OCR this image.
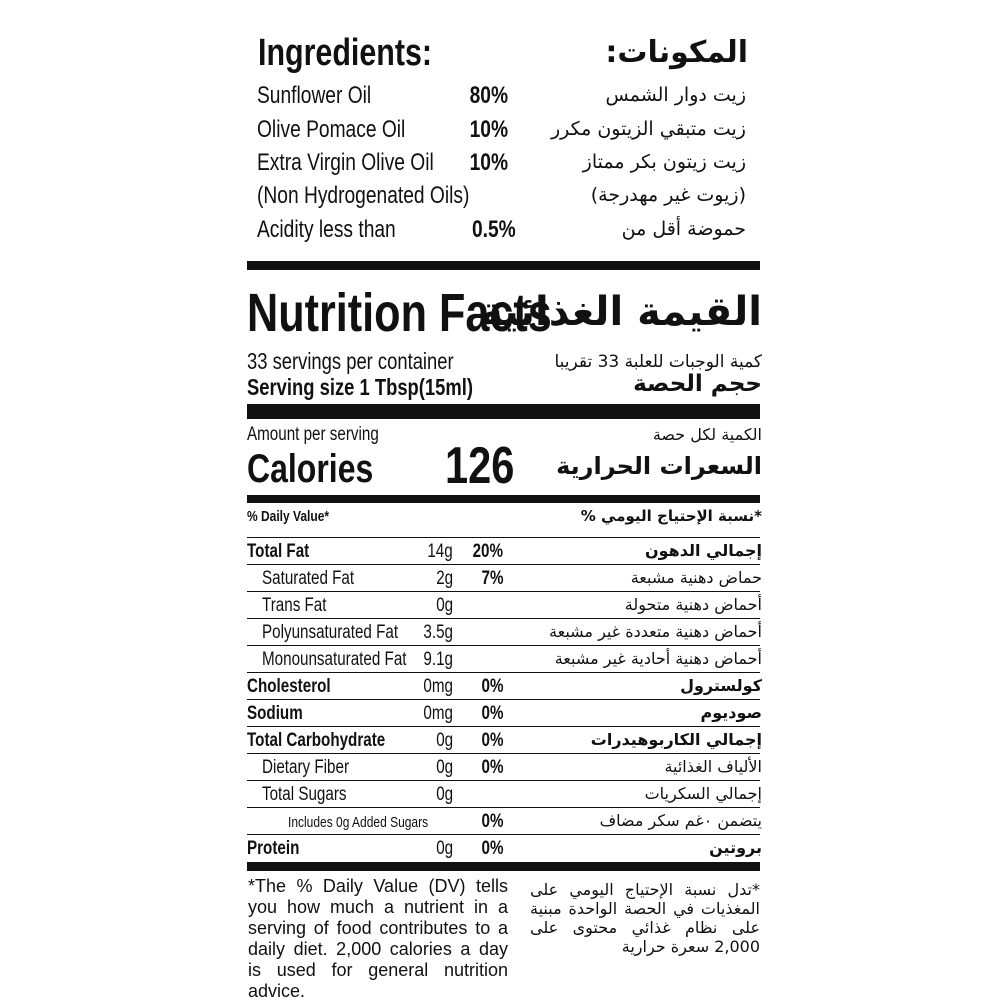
Ingredients:	المكونات:
Sunflower Oil	80%	زيت دوار الشمس
Olive Pomace Oil	10% زيت متبقي الزيتون مكرر
Extra Virgin Olive Oil	10%	زيت زيتون بكر ممتاز
(Non Hydrogenated Oils)	(زيوت غير مهدرجة)
Acidity less than	0.5%	حموضة أقل من
Nutrition Facts
القيمة الغذائية
33 servings per container	كمية الوجبات للعلبة 33 تقريبا
Serving size 1 Tbsp(15ml)	حجم الحصة
Amount per serving	الكمية لكل حصة
Calories	126	السعرات الحرارية
% Daily Value*	*نسبة الإحتياج اليومي %
Total Fat	14g	20%	إجمالي الدهون
Saturated Fat	2g 7%	حماض دهنية مشبعة
Trans Fat	0g	أحماض دهنية متحولة
Polyunsaturated Fat	3.5g	أحماض دهنية متعددة غير مشبعة
Monounsaturated Fat 9.1g	أحماض دهنية أحادية غير مشبعة
Cholesterol	0mg 0%	كولسترول
Sodium	0mg 0%	صوديوم
Total Carbohydrate	0g 0%	إجمالي الكاربوهيدرات
Dietary Fiber	0g 0%	الألياف الغذائية
Total Sugars	0g	إجمالي السكريات
Includes 0g Added Sugars	0%	يتضمن ٠غم سكر مضاف
Protein	0g 0%	بروتين
*The % Daily Value (DV) tells you how much a nutrient in a serving of food contributes to a daily diet. 2,000 calories a day is used for general nutrition advice.
*تدل نسبة الإحتياج اليومي على المغذيات في الحصة الواحدة مبنية على نظام غذائي محتوى على 2,000 سعرة حرارية
